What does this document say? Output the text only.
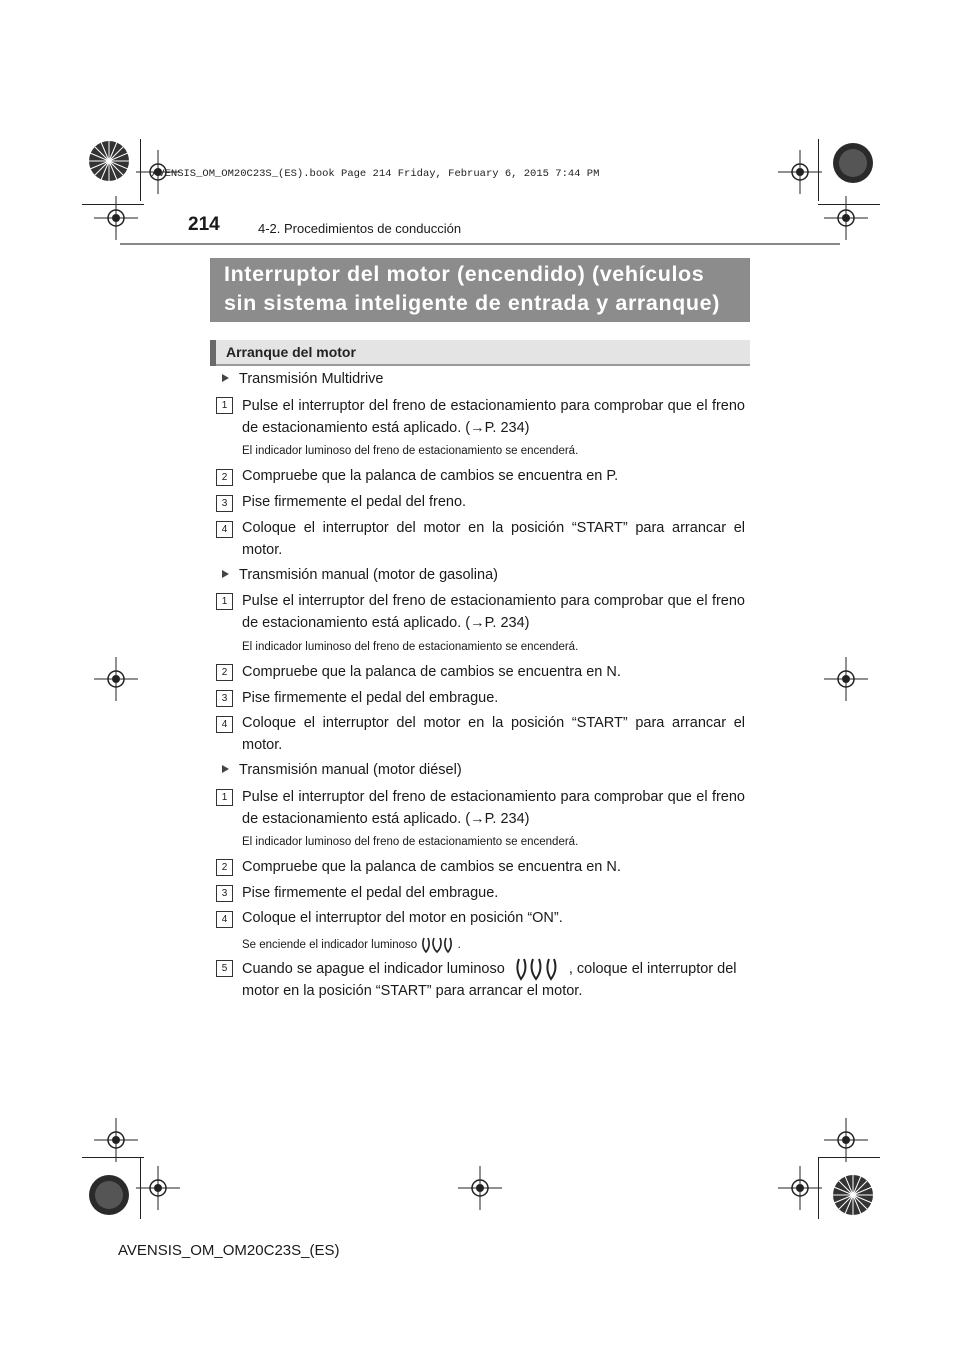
AVENSIS_OM_OM20C23S_(ES).book Page 214 Friday, February 6, 2015 7:44 PM
214	4-2. Procedimientos de conducción
Interruptor del motor (encendido) (vehículos
sin sistema inteligente de entrada y arranque)
Arranque del motor
Transmisión Multidrive
1	Pulse el interruptor del freno de estacionamiento para comprobar que el freno de estacionamiento está aplicado. (→P. 234)
El indicador luminoso del freno de estacionamiento se encenderá.
2	Compruebe que la palanca de cambios se encuentra en P.
3	Pise firmemente el pedal del freno.
4	Coloque el interruptor del motor en la posición “START” para arrancar el motor.
Transmisión manual (motor de gasolina)
1	Pulse el interruptor del freno de estacionamiento para comprobar que el freno de estacionamiento está aplicado. (→P. 234)
El indicador luminoso del freno de estacionamiento se encenderá.
2	Compruebe que la palanca de cambios se encuentra en N.
3	Pise firmemente el pedal del embrague.
4	Coloque el interruptor del motor en la posición “START” para arrancar el motor.
Transmisión manual (motor diésel)
1	Pulse el interruptor del freno de estacionamiento para comprobar que el freno de estacionamiento está aplicado. (→P. 234)
El indicador luminoso del freno de estacionamiento se encenderá.
2	Compruebe que la palanca de cambios se encuentra en N.
3	Pise firmemente el pedal del embrague.
4	Coloque el interruptor del motor en posición “ON”.
Se enciende el indicador luminoso	.
5	Cuando se apague el indicador luminoso	, coloque el interruptor del
motor en la posición “START” para arrancar el motor.
AVENSIS_OM_OM20C23S_(ES)
